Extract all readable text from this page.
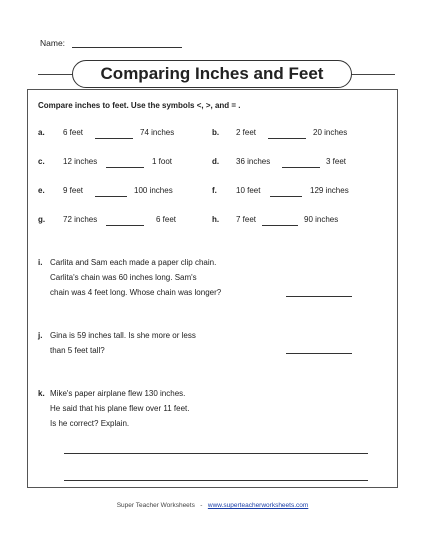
Name:
Comparing Inches and Feet
Compare inches to feet. Use the symbols <, >, and = .
a. 6 feet	74 inches	b. 2 feet	20 inches
c. 12 inches	1 foot	d. 36 inches	3 feet
e. 9 feet	100 inches	f. 10 feet	129 inches
g. 72 inches	6 feet	h. 7 feet	90 inches
i. Carlita and Sam each made a paper clip chain.
Carlita's chain was 60 inches long. Sam's
chain was 4 feet long. Whose chain was longer?
j. Gina is 59 inches tall. Is she more or less
than 5 feet tall?
k. Mike's paper airplane flew 130 inches.
He said that his plane flew over 11 feet.
Is he correct? Explain.
Super Teacher Worksheets - www.superteacherworksheets.com
